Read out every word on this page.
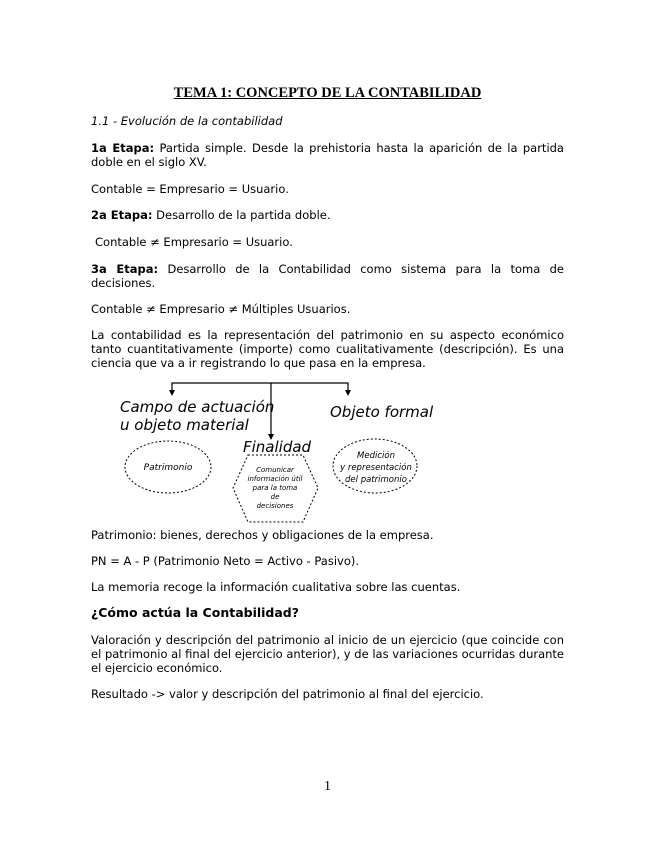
TEMA 1: CONCEPTO DE LA CONTABILIDAD
1.1 - Evolución de la contabilidad
1a Etapa: Partida simple. Desde la prehistoria hasta la aparición de la partida doble en el siglo XV.
Contable = Empresario = Usuario.
2a Etapa: Desarrollo de la partida doble.
Contable ≠ Empresario = Usuario.
3a Etapa: Desarrollo de la Contabilidad como sistema para la toma de decisiones.
Contable ≠ Empresario ≠ Múltiples Usuarios.
La contabilidad es la representación del patrimonio en su aspecto económico tanto cuantitativamente (importe) como cualitativamente (descripción). Es una ciencia que va a ir registrando lo que pasa en la empresa.
Campo de actuación
u objeto material
Objeto formal
Finalidad
Patrimonio	Comunicar
información útil
para la toma
de
decisiones
Medición
y representación
del patrimonio
Patrimonio: bienes, derechos y obligaciones de la empresa.
PN = A - P (Patrimonio Neto = Activo - Pasivo).
La memoria recoge la información cualitativa sobre las cuentas.
¿Cómo actúa la Contabilidad?
Valoración y descripción del patrimonio al inicio de un ejercicio (que coincide con el patrimonio al final del ejercicio anterior), y de las variaciones ocurridas durante el ejercicio económico.
Resultado -> valor y descripción del patrimonio al final del ejercicio.
1
